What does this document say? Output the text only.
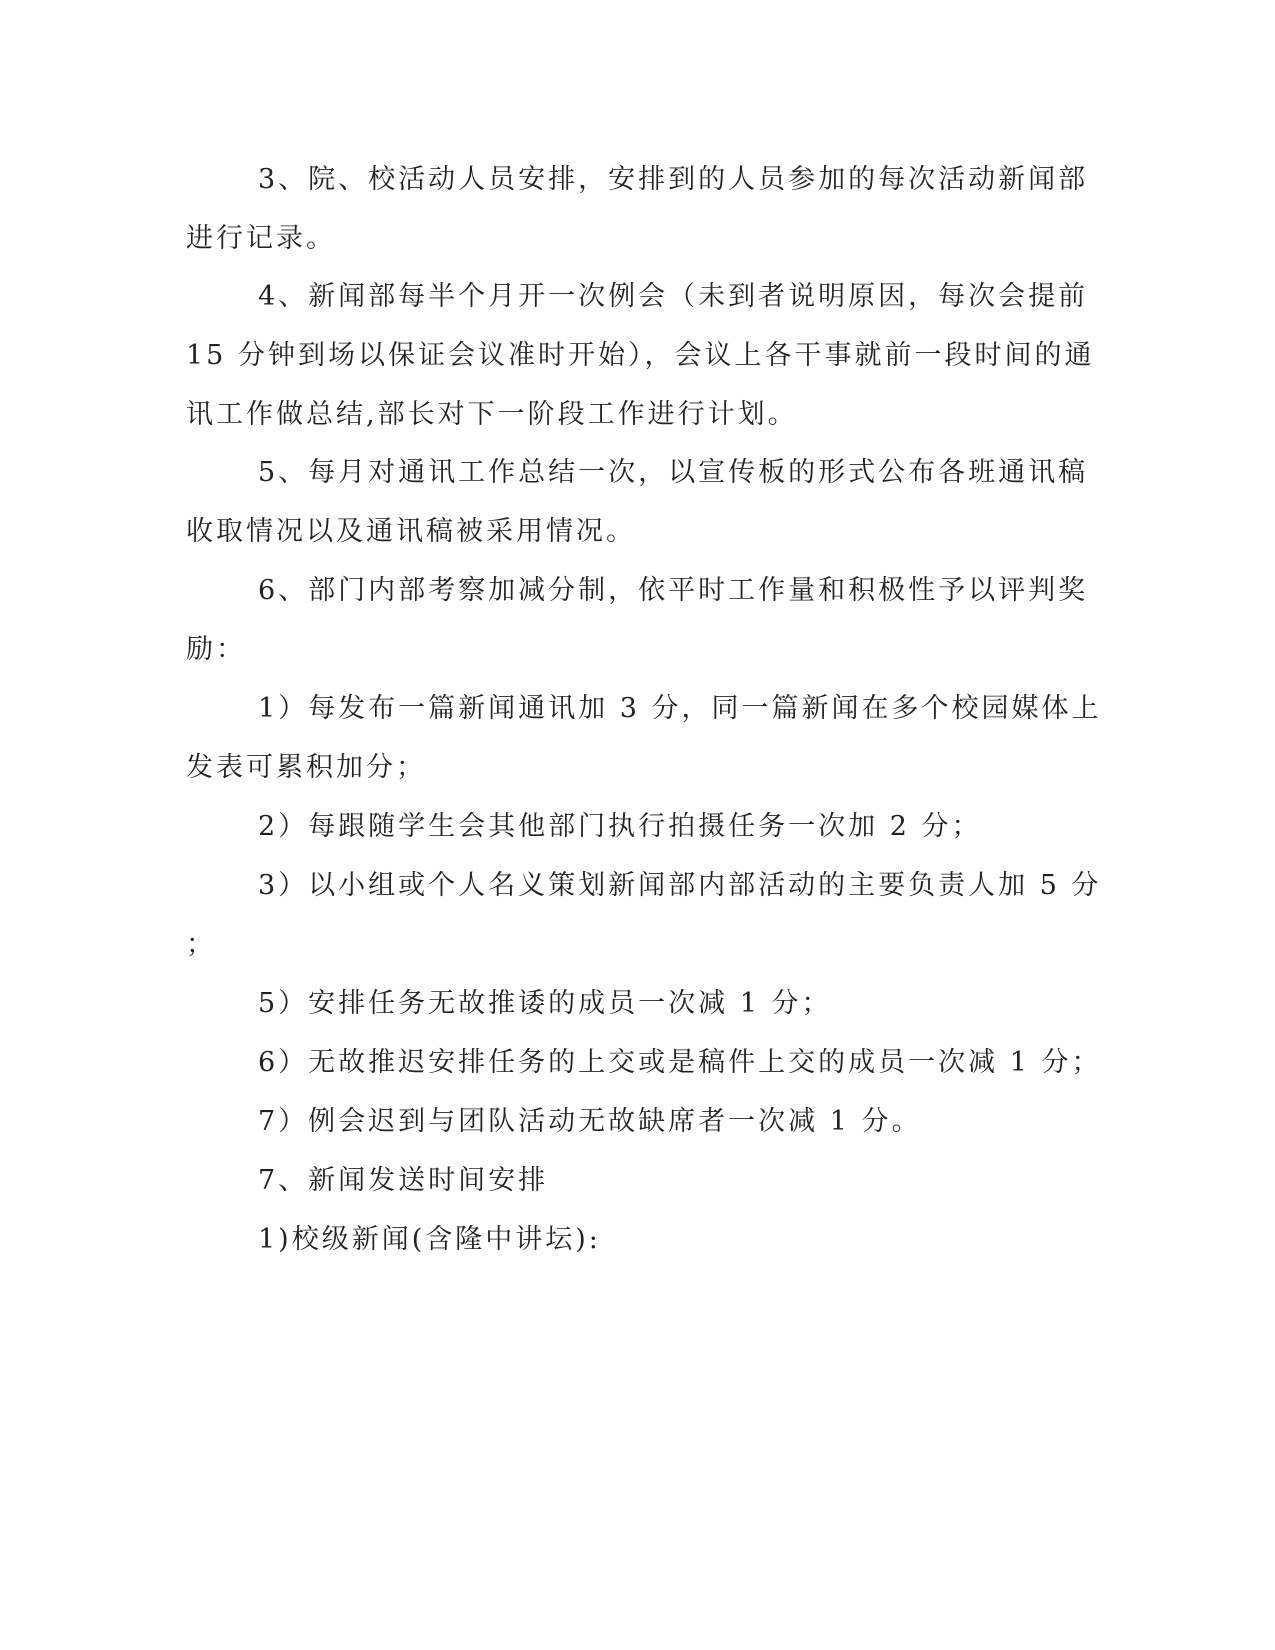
3、院、校活动人员安排，安排到的人员参加的每次活动新闻部

进行记录。

4、新闻部每半个月开一次例会（未到者说明原因，每次会提前

15 分钟到场以保证会议准时开始），会议上各干事就前一段时间的通

讯工作做总结,部长对下一阶段工作进行计划。

5、每月对通讯工作总结一次，以宣传板的形式公布各班通讯稿

收取情况以及通讯稿被采用情况。

6、部门内部考察加减分制，依平时工作量和积极性予以评判奖

励：

1）每发布一篇新闻通讯加 3 分，同一篇新闻在多个校园媒体上

发表可累积加分；

2）每跟随学生会其他部门执行拍摄任务一次加 2 分；

3）以小组或个人名义策划新闻部内部活动的主要负责人加 5 分

；

5）安排任务无故推诿的成员一次减 1 分；

6）无故推迟安排任务的上交或是稿件上交的成员一次减 1 分；

7）例会迟到与团队活动无故缺席者一次减 1 分。

7、新闻发送时间安排

1)校级新闻(含隆中讲坛):
